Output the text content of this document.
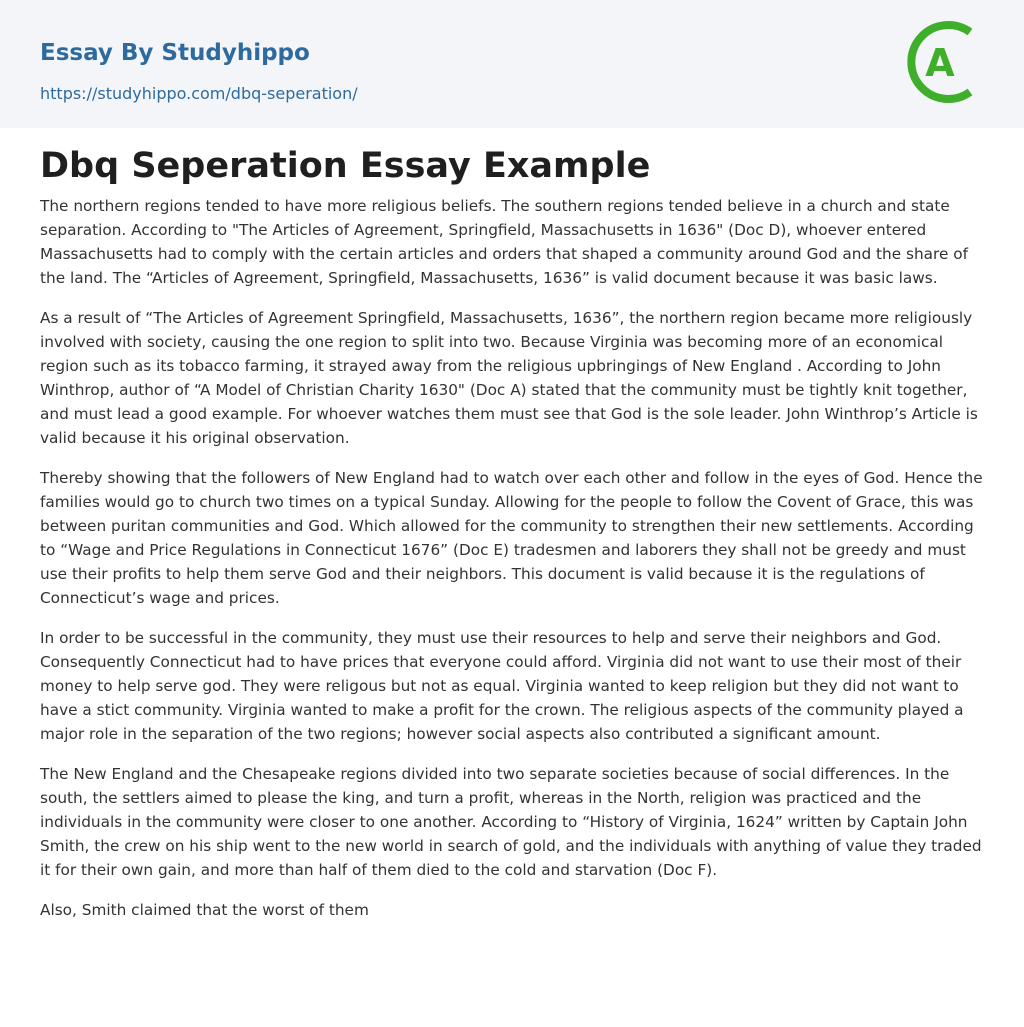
Essay By Studyhippo
https://studyhippo.com/dbq-seperation/
A
Dbq Seperation Essay Example

The northern regions tended to have more religious beliefs. The southern regions tended believe in a church and state separation. According to "The Articles of Agreement, Springfield, Massachusetts in 1636" (Doc D), whoever entered Massachusetts had to comply with the certain articles and orders that shaped a community around God and the share of the land. The “Articles of Agreement, Springfield, Massachusetts, 1636” is valid document because it was basic laws.

As a result of “The Articles of Agreement Springfield, Massachusetts, 1636”, the northern region became more religiously involved with society, causing the one region to split into two. Because Virginia was becoming more of an economical region such as its tobacco farming, it strayed away from the religious upbringings of New England . According to John Winthrop, author of “A Model of Christian Charity 1630" (Doc A) stated that the community must be tightly knit together, and must lead a good example. For whoever watches them must see that God is the sole leader. John Winthrop’s Article is valid because it his original observation.

Thereby showing that the followers of New England had to watch over each other and follow in the eyes of God. Hence the families would go to church two times on a typical Sunday. Allowing for the people to follow the Covent of Grace, this was between puritan communities and God. Which allowed for the community to strengthen their new settlements. According to “Wage and Price Regulations in Connecticut 1676” (Doc E) tradesmen and laborers they shall not be greedy and must use their profits to help them serve God and their neighbors. This document is valid because it is the regulations of Connecticut’s wage and prices.

In order to be successful in the community, they must use their resources to help and serve their neighbors and God. Consequently Connecticut had to have prices that everyone could afford. Virginia did not want to use their most of their money to help serve god. They were religous but not as equal. Virginia wanted to keep religion but they did not want to have a stict community. Virginia wanted to make a profit for the crown. The religious aspects of the community played a major role in the separation of the two regions; however social aspects also contributed a significant amount.

The New England and the Chesapeake regions divided into two separate societies because of social differences. In the south, the settlers aimed to please the king, and turn a profit, whereas in the North, religion was practiced and the individuals in the community were closer to one another. According to “History of Virginia, 1624” written by Captain John Smith, the crew on his ship went to the new world in search of gold, and the individuals with anything of value they traded it for their own gain, and more than half of them died to the cold and starvation (Doc F).

Also, Smith claimed that the worst of them
